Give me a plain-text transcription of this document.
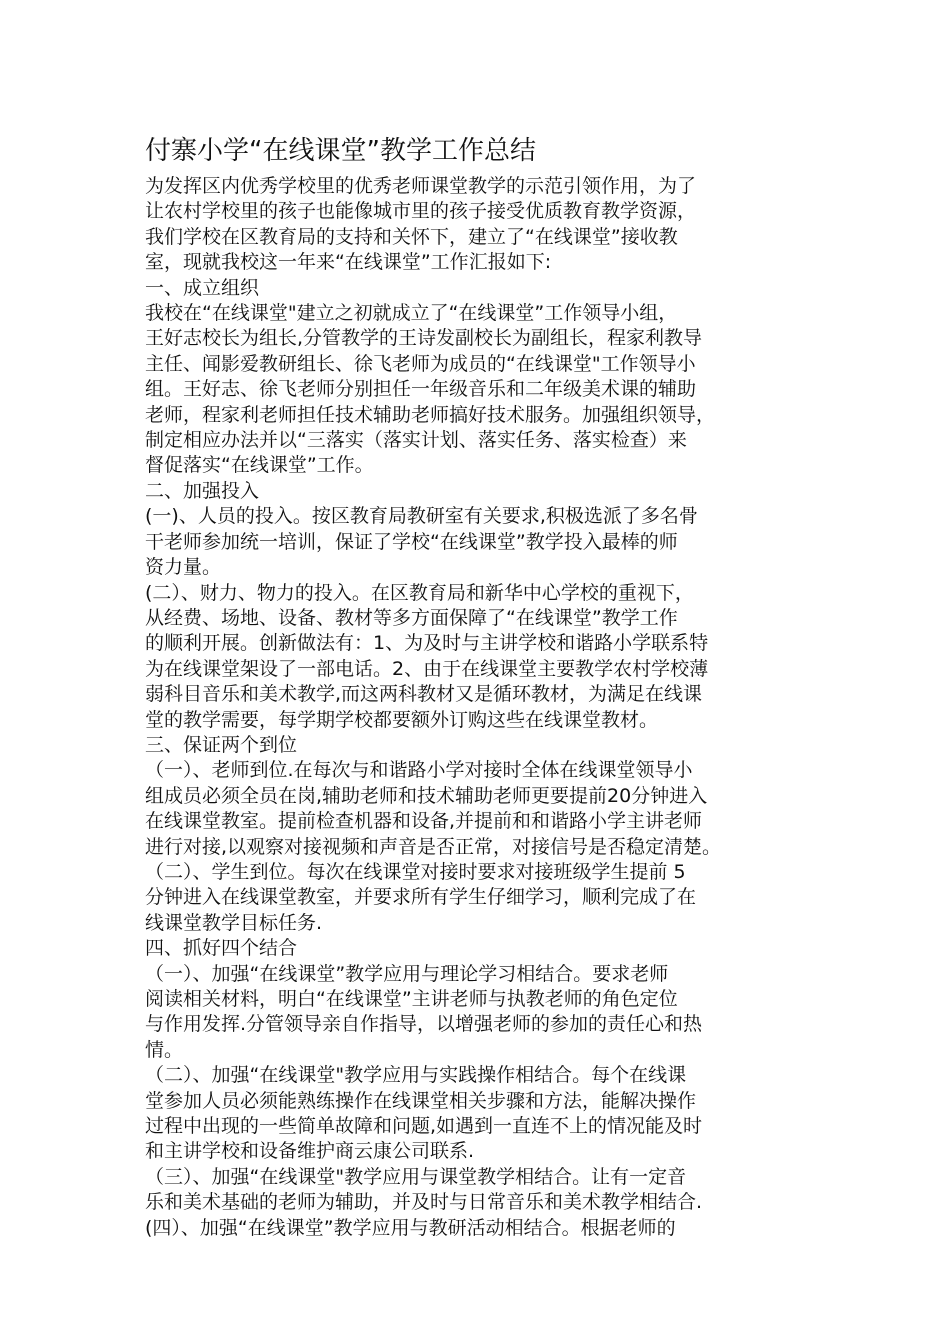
付寨小学“在线课堂”教学工作总结

为发挥区内优秀学校里的优秀老师课堂教学的示范引领作用，为了

让农村学校里的孩子也能像城市里的孩子接受优质教育教学资源，

我们学校在区教育局的支持和关怀下，建立了“在线课堂”接收教

室，现就我校这一年来“在线课堂”工作汇报如下:

一、成立组织

我校在“在线课堂"建立之初就成立了“在线课堂”工作领导小组，

王好志校长为组长,分管教学的王诗发副校长为副组长，程家利教导

主任、闻影爱教研组长、徐飞老师为成员的“在线课堂"工作领导小

组。王好志、徐飞老师分别担任一年级音乐和二年级美术课的辅助

老师，程家利老师担任技术辅助老师搞好技术服务。加强组织领导，

制定相应办法并以“三落实（落实计划、落实任务、落实检查）来

督促落实“在线课堂”工作。

二、加强投入

(一)、人员的投入。按区教育局教研室有关要求,积极选派了多名骨

干老师参加统一培训，保证了学校“在线课堂”教学投入最棒的师

资力量。

(二）、财力、物力的投入。在区教育局和新华中心学校的重视下，

从经费、场地、设备、教材等多方面保障了“在线课堂”教学工作

的顺利开展。创新做法有：1、为及时与主讲学校和谐路小学联系特

为在线课堂架设了一部电话。2、由于在线课堂主要教学农村学校薄

弱科目音乐和美术教学,而这两科教材又是循环教材，为满足在线课

堂的教学需要，每学期学校都要额外订购这些在线课堂教材。

三、保证两个到位

（一）、老师到位.在每次与和谐路小学对接时全体在线课堂领导小

组成员必须全员在岗,辅助老师和技术辅助老师更要提前20分钟进入

在线课堂教室。提前检查机器和设备,并提前和和谐路小学主讲老师

进行对接,以观察对接视频和声音是否正常，对接信号是否稳定清楚。

（二）、学生到位。每次在线课堂对接时要求对接班级学生提前 5

分钟进入在线课堂教室，并要求所有学生仔细学习，顺利完成了在

线课堂教学目标任务.

四、抓好四个结合

（一）、加强“在线课堂”教学应用与理论学习相结合。要求老师

阅读相关材料，明白“在线课堂”主讲老师与执教老师的角色定位

与作用发挥.分管领导亲自作指导，以增强老师的参加的责任心和热

情。

（二）、加强“在线课堂"教学应用与实践操作相结合。每个在线课

堂参加人员必须能熟练操作在线课堂相关步骤和方法，能解决操作

过程中出现的一些简单故障和问题,如遇到一直连不上的情况能及时

和主讲学校和设备维护商云康公司联系.

（三）、加强“在线课堂"教学应用与课堂教学相结合。让有一定音

乐和美术基础的老师为辅助，并及时与日常音乐和美术教学相结合.

(四）、加强“在线课堂”教学应用与教研活动相结合。根据老师的
